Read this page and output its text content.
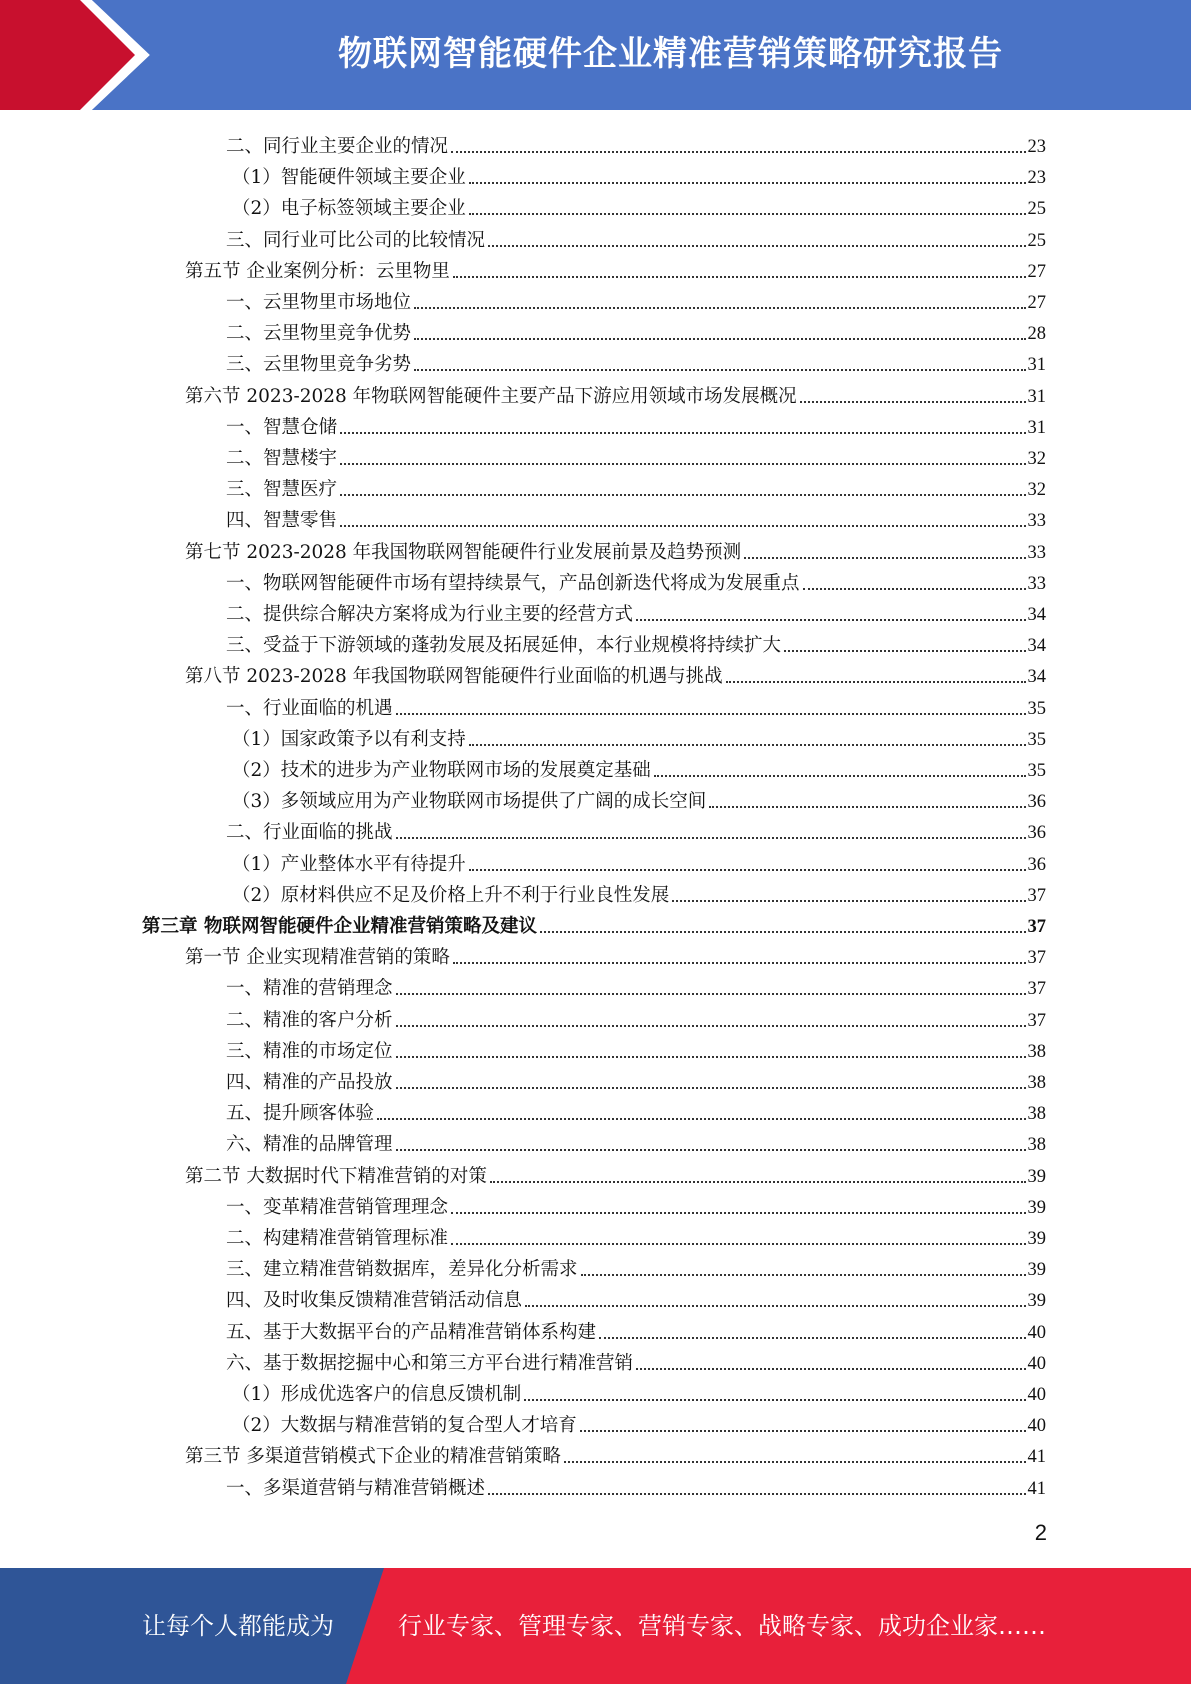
物联网智能硬件企业精准营销策略研究报告
二、同行业主要企业的情况	23
（1）智能硬件领域主要企业	23
（2）电子标签领域主要企业	25
三、同行业可比公司的比较情况	25
第五节 企业案例分析：云里物里	27
一、云里物里市场地位	27
二、云里物里竞争优势	28
三、云里物里竞争劣势	31
第六节 2023-2028 年物联网智能硬件主要产品下游应用领域市场发展概况	31
一、智慧仓储	31
二、智慧楼宇	32
三、智慧医疗	32
四、智慧零售	33
第七节 2023-2028 年我国物联网智能硬件行业发展前景及趋势预测	33
一、物联网智能硬件市场有望持续景气，产品创新迭代将成为发展重点	33
二、提供综合解决方案将成为行业主要的经营方式	34
三、受益于下游领域的蓬勃发展及拓展延伸，本行业规模将持续扩大	34
第八节 2023-2028 年我国物联网智能硬件行业面临的机遇与挑战	34
一、行业面临的机遇	35
（1）国家政策予以有利支持	35
（2）技术的进步为产业物联网市场的发展奠定基础	35
（3）多领域应用为产业物联网市场提供了广阔的成长空间	36
二、行业面临的挑战	36
（1）产业整体水平有待提升	36
（2）原材料供应不足及价格上升不利于行业良性发展	37
第三章 物联网智能硬件企业精准营销策略及建议	37
第一节 企业实现精准营销的策略	37
一、精准的营销理念	37
二、精准的客户分析	37
三、精准的市场定位	38
四、精准的产品投放	38
五、提升顾客体验	38
六、精准的品牌管理	38
第二节 大数据时代下精准营销的对策	39
一、变革精准营销管理理念	39
二、构建精准营销管理标准	39
三、建立精准营销数据库，差异化分析需求	39
四、及时收集反馈精准营销活动信息	39
五、基于大数据平台的产品精准营销体系构建	40
六、基于数据挖掘中心和第三方平台进行精准营销	40
（1）形成优选客户的信息反馈机制	40
（2）大数据与精准营销的复合型人才培育	40
第三节 多渠道营销模式下企业的精准营销策略	41
一、多渠道营销与精准营销概述	41
2
让每个人都能成为	行业专家、管理专家、营销专家、战略专家、成功企业家……
